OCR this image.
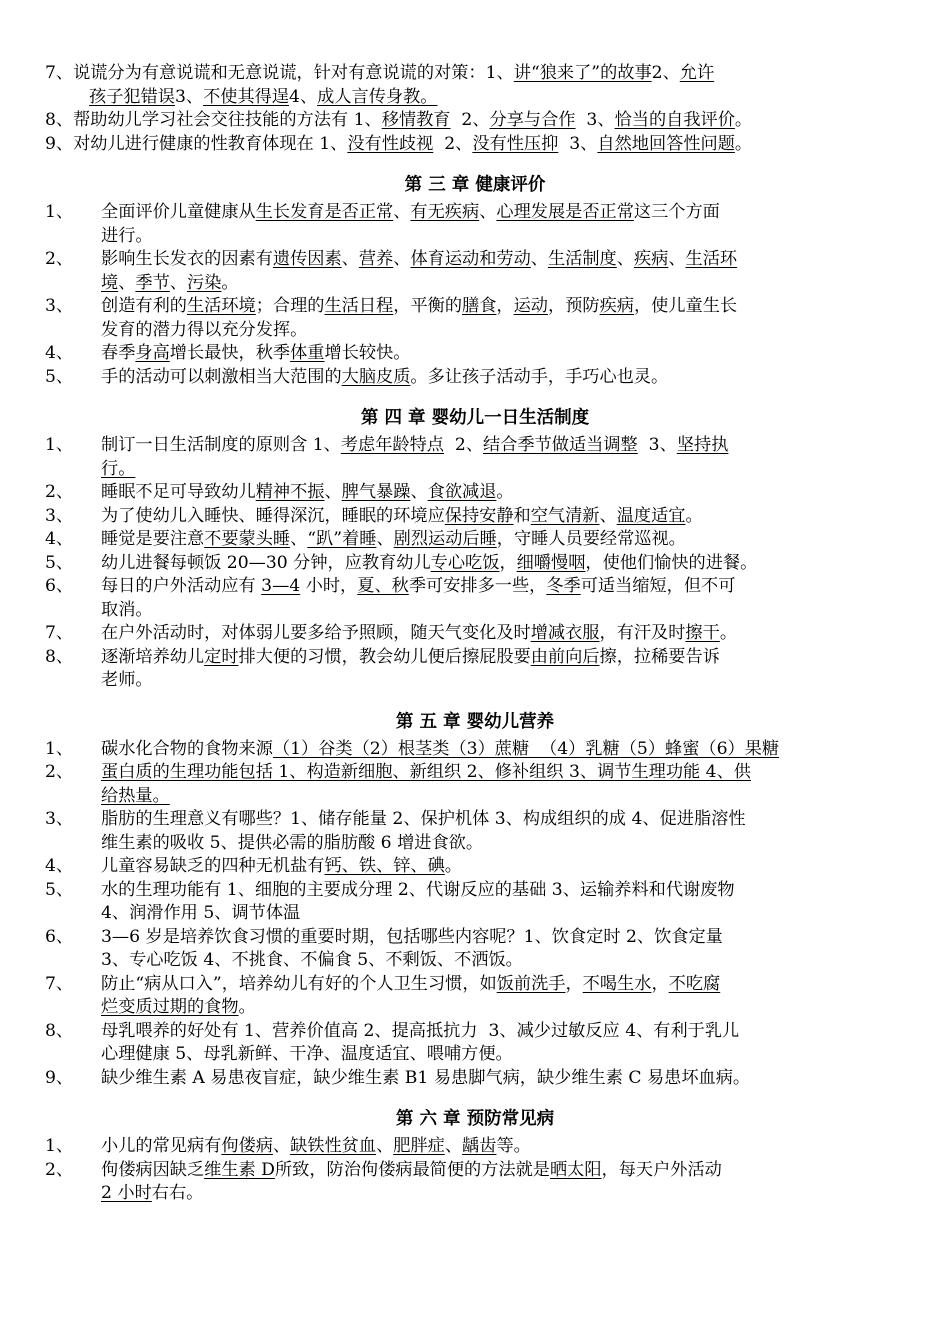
7、说谎分为有意说谎和无意说谎，针对有意说谎的对策：1、讲“狼来了”的故事2、允许
孩子犯错误3、不使其得逞4、成人言传身教。
8、帮助幼儿学习社会交往技能的方法有 1、移情教育  2、分享与合作  3、恰当的自我评价。
9、对幼儿进行健康的性教育体现在 1、没有性歧视  2、没有性压抑  3、自然地回答性问题。
第 三 章 健康评价
1、 全面评价儿童健康从生长发育是否正常、有无疾病、心理发展是否正常这三个方面
进行。
2、 影响生长发衣的因素有遗传因素、营养、体育运动和劳动、生活制度、疾病、生活环
境、季节、污染。
3、 创造有利的生活环境；合理的生活日程，平衡的膳食，运动，预防疾病，使儿童生长
发育的潜力得以充分发挥。
4、 春季身高增长最快，秋季体重增长较快。
5、 手的活动可以刺激相当大范围的大脑皮质。多让孩子活动手，手巧心也灵。
第 四 章 婴幼儿一日生活制度
1、 制订一日生活制度的原则含 1、考虑年龄特点  2、结合季节做适当调整  3、坚持执
行。
2、 睡眠不足可导致幼儿精神不振、脾气暴躁、食欲减退。
3、 为了使幼儿入睡快、睡得深沉，睡眠的环境应保持安静和空气清新、温度适宜。
4、 睡觉是要注意不要蒙头睡、“趴”着睡、剧烈运动后睡，守睡人员要经常巡视。
5、 幼儿进餐每顿饭 20—30 分钟，应教育幼儿专心吃饭，细嚼慢咽，使他们愉快的进餐。
6、 每日的户外活动应有 3—4 小时，夏、秋季可安排多一些，冬季可适当缩短，但不可
取消。
7、 在户外活动时，对体弱儿要多给予照顾，随天气变化及时增减衣服，有汗及时擦干。
8、 逐渐培养幼儿定时排大便的习惯，教会幼儿便后擦屁股要由前向后擦，拉稀要告诉
老师。
第 五 章 婴幼儿营养
1、 碳水化合物的食物来源（1）谷类（2）根茎类（3）蔗糖  （4）乳糖（5）蜂蜜（6）果糖
2、 蛋白质的生理功能包括 1、构造新细胞、新组织 2、修补组织 3、调节生理功能 4、供
给热量。
3、 脂肪的生理意义有哪些？1、储存能量 2、保护机体 3、构成组织的成 4、促进脂溶性
维生素的吸收 5、提供必需的脂肪酸 6 增进食欲。
4、 儿童容易缺乏的四种无机盐有钙、铁、锌、碘。
5、 水的生理功能有 1、细胞的主要成分理 2、代谢反应的基础 3、运输养料和代谢废物
4、润滑作用 5、调节体温
6、 3—6 岁是培养饮食习惯的重要时期，包括哪些内容呢？1、饮食定时 2、饮食定量
3、专心吃饭 4、不挑食、不偏食 5、不剩饭、不洒饭。
7、 防止“病从口入”，培养幼儿有好的个人卫生习惯，如饭前洗手，不喝生水，不吃腐
烂变质过期的食物。
8、 母乳喂养的好处有 1、营养价值高 2、提高抵抗力  3、减少过敏反应 4、有利于乳儿
心理健康 5、母乳新鲜、干净、温度适宜、喂哺方便。
9、 缺少维生素 A 易患夜盲症，缺少维生素 B1 易患脚气病，缺少维生素 C 易患坏血病。
第 六 章 预防常见病
1、 小儿的常见病有佝偻病、缺铁性贫血、肥胖症、龋齿等。
2、 佝偻病因缺乏维生素 D所致，防治佝偻病最简便的方法就是晒太阳，每天户外活动
2 小时右右。
